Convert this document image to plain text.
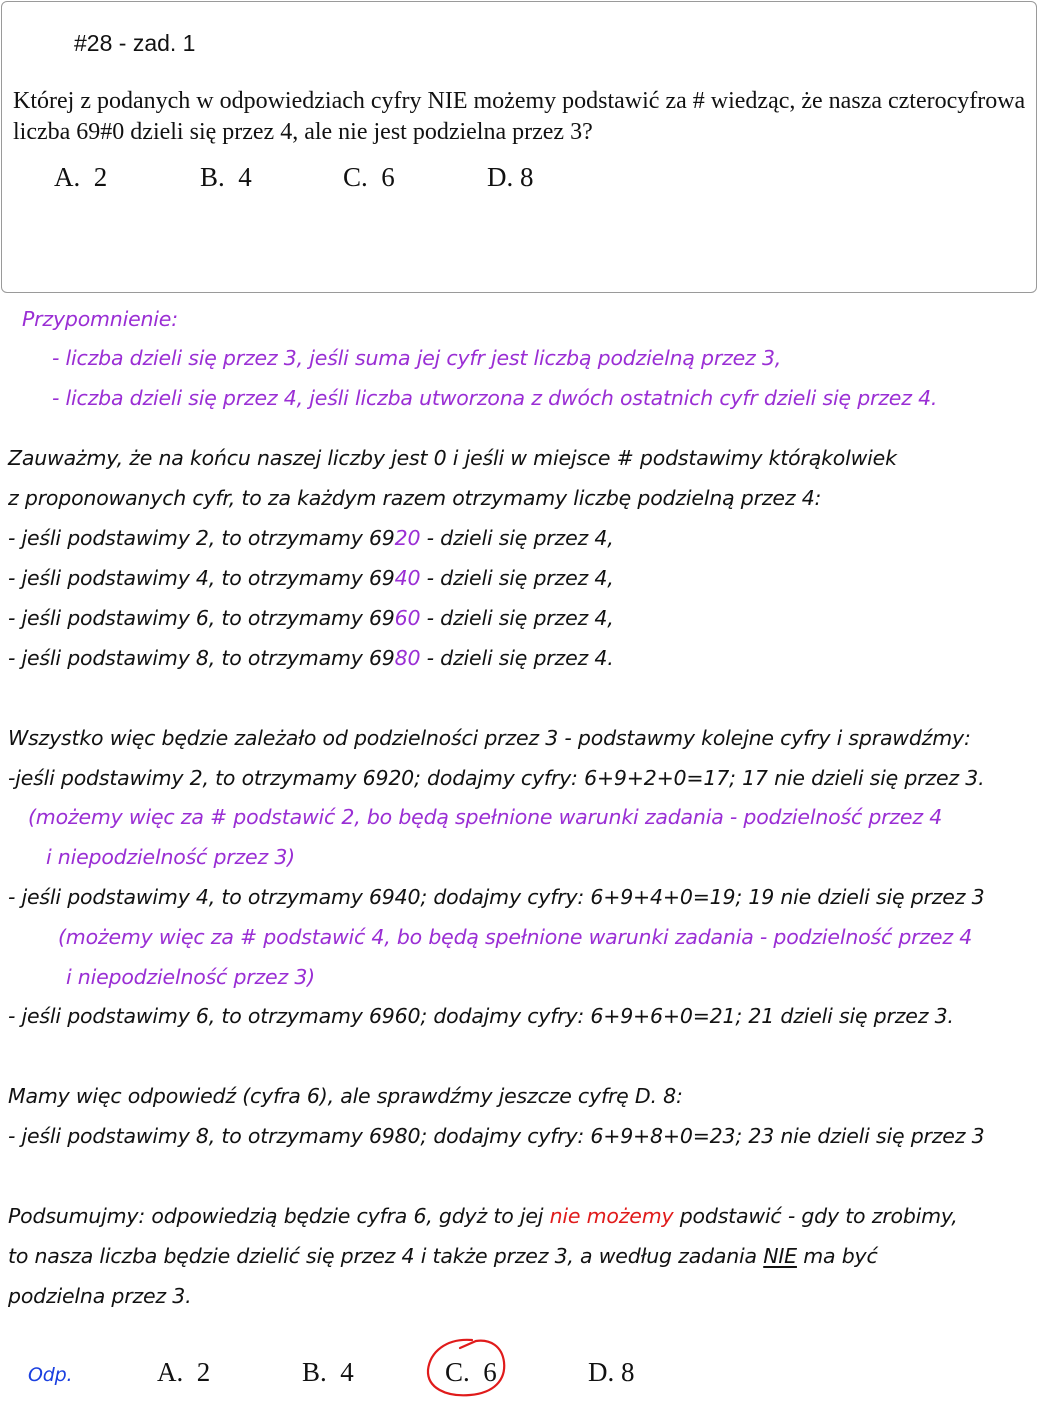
#28 - zad. 1
Której z podanych w odpowiedziach cyfry NIE możemy podstawić za # wiedząc, że nasza czterocyfrowa liczba 69#0 dzieli się przez 4, ale nie jest podzielna przez 3?
A.  2	B.  4	C.  6	D. 8
Przypomnienie:
- liczba dzieli się przez 3, jeśli suma jej cyfr jest liczbą podzielną przez 3,
- liczba dzieli się przez 4, jeśli liczba utworzona z dwóch ostatnich cyfr dzieli się przez 4.
Zauważmy, że na końcu naszej liczby jest 0 i jeśli w miejsce # podstawimy którąkolwiek
z proponowanych cyfr, to za każdym razem otrzymamy liczbę podzielną przez 4:
- jeśli podstawimy 2, to otrzymamy 6920 - dzieli się przez 4,
- jeśli podstawimy 4, to otrzymamy 6940 - dzieli się przez 4,
- jeśli podstawimy 6, to otrzymamy 6960 - dzieli się przez 4,
- jeśli podstawimy 8, to otrzymamy 6980 - dzieli się przez 4.
Wszystko więc będzie zależało od podzielności przez 3 - podstawmy kolejne cyfry i sprawdźmy:
-jeśli podstawimy 2, to otrzymamy 6920; dodajmy cyfry: 6+9+2+0=17; 17 nie dzieli się przez 3.
(możemy więc za # podstawić 2, bo będą spełnione warunki zadania - podzielność przez 4
i niepodzielność przez 3)
- jeśli podstawimy 4, to otrzymamy 6940; dodajmy cyfry: 6+9+4+0=19; 19 nie dzieli się przez 3
(możemy więc za # podstawić 4, bo będą spełnione warunki zadania - podzielność przez 4
i niepodzielność przez 3)
- jeśli podstawimy 6, to otrzymamy 6960; dodajmy cyfry: 6+9+6+0=21; 21 dzieli się przez 3.
Mamy więc odpowiedź (cyfra 6), ale sprawdźmy jeszcze cyfrę D. 8:
- jeśli podstawimy 8, to otrzymamy 6980; dodajmy cyfry: 6+9+8+0=23; 23 nie dzieli się przez 3
Podsumujmy: odpowiedzią będzie cyfra 6, gdyż to jej nie możemy podstawić - gdy to zrobimy,
to nasza liczba będzie dzielić się przez 4 i także przez 3, a według zadania NIE ma być
podzielna przez 3.
Odp.	A.  2	B.  4	C.  6	D. 8
